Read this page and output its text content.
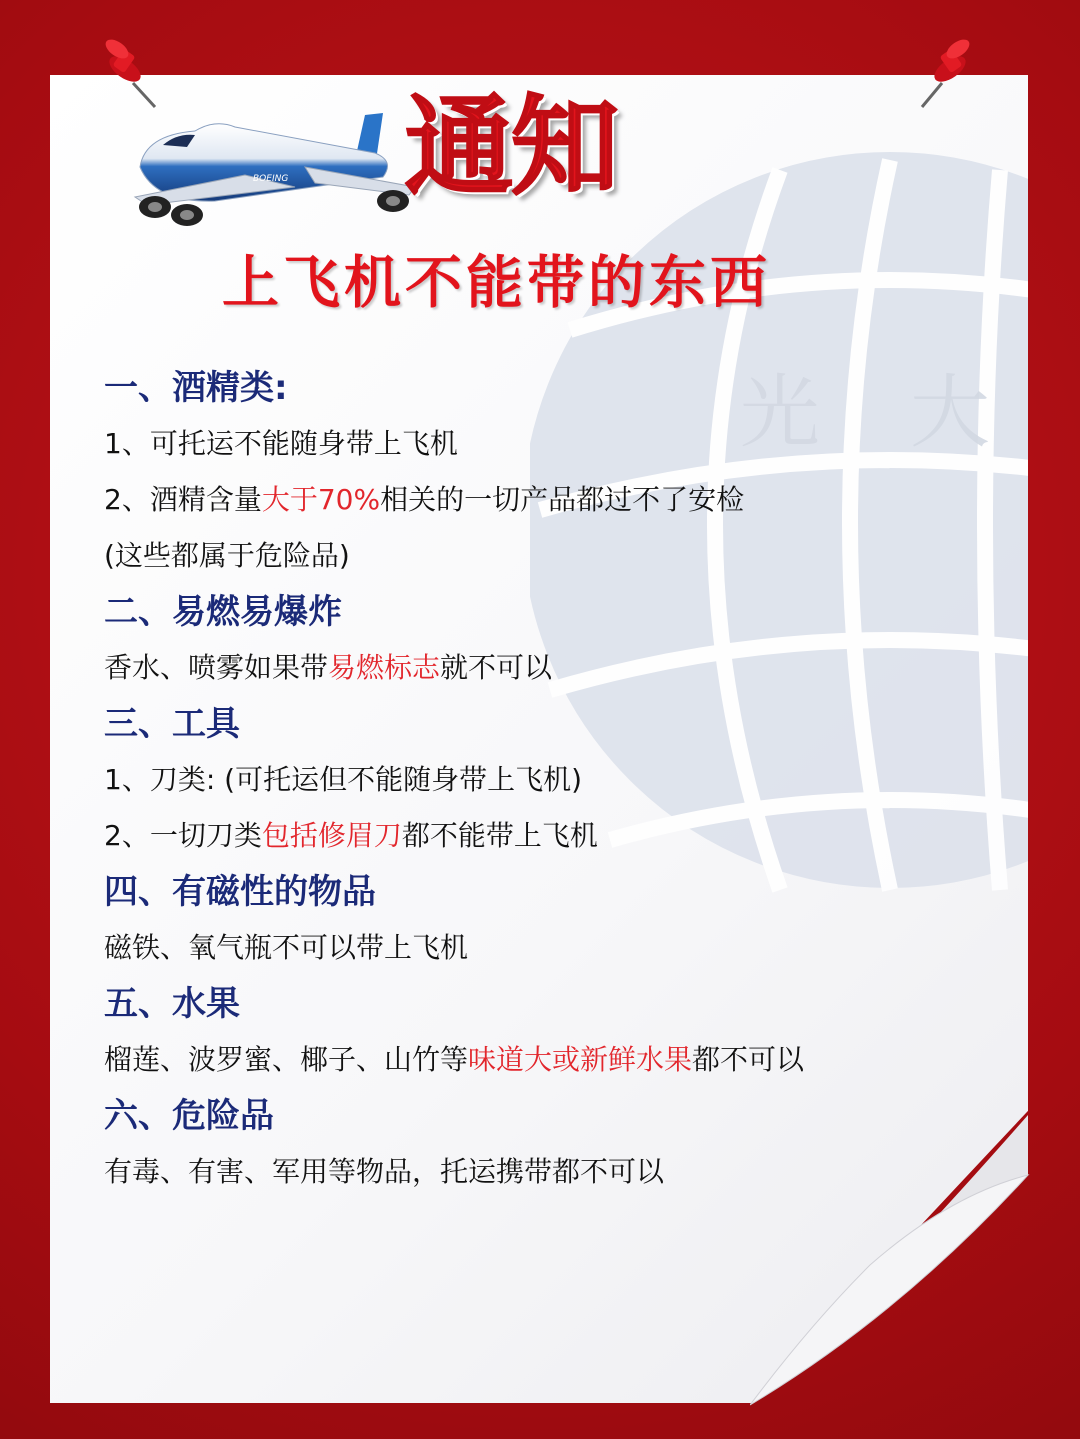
光 大
BOEING 通知
上飞机不能带的东西
一、酒精类:
1、可托运不能随身带上飞机
2、酒精含量大于70%相关的一切产品都过不了安检
(这些都属于危险品)
二、易燃易爆炸
香水、喷雾如果带易燃标志就不可以
三、工具
1、刀类: (可托运但不能随身带上飞机)
2、一切刀类包括修眉刀都不能带上飞机
四、有磁性的物品
磁铁、氧气瓶不可以带上飞机
五、水果
榴莲、波罗蜜、椰子、山竹等味道大或新鲜水果都不可以
六、危险品
有毒、有害、军用等物品，托运携带都不可以
